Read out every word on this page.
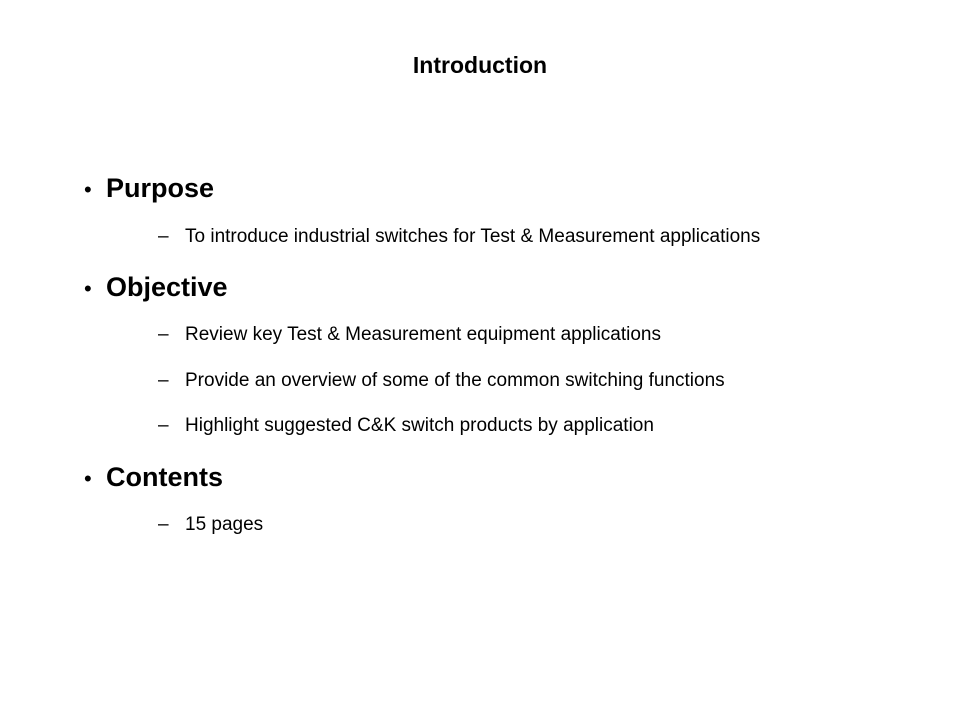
Introduction
• Purpose
– To introduce industrial switches for Test & Measurement applications
• Objective
– Review key Test & Measurement equipment applications
– Provide an overview of some of the common switching functions
– Highlight suggested C&K switch products by application
• Contents
– 15 pages
